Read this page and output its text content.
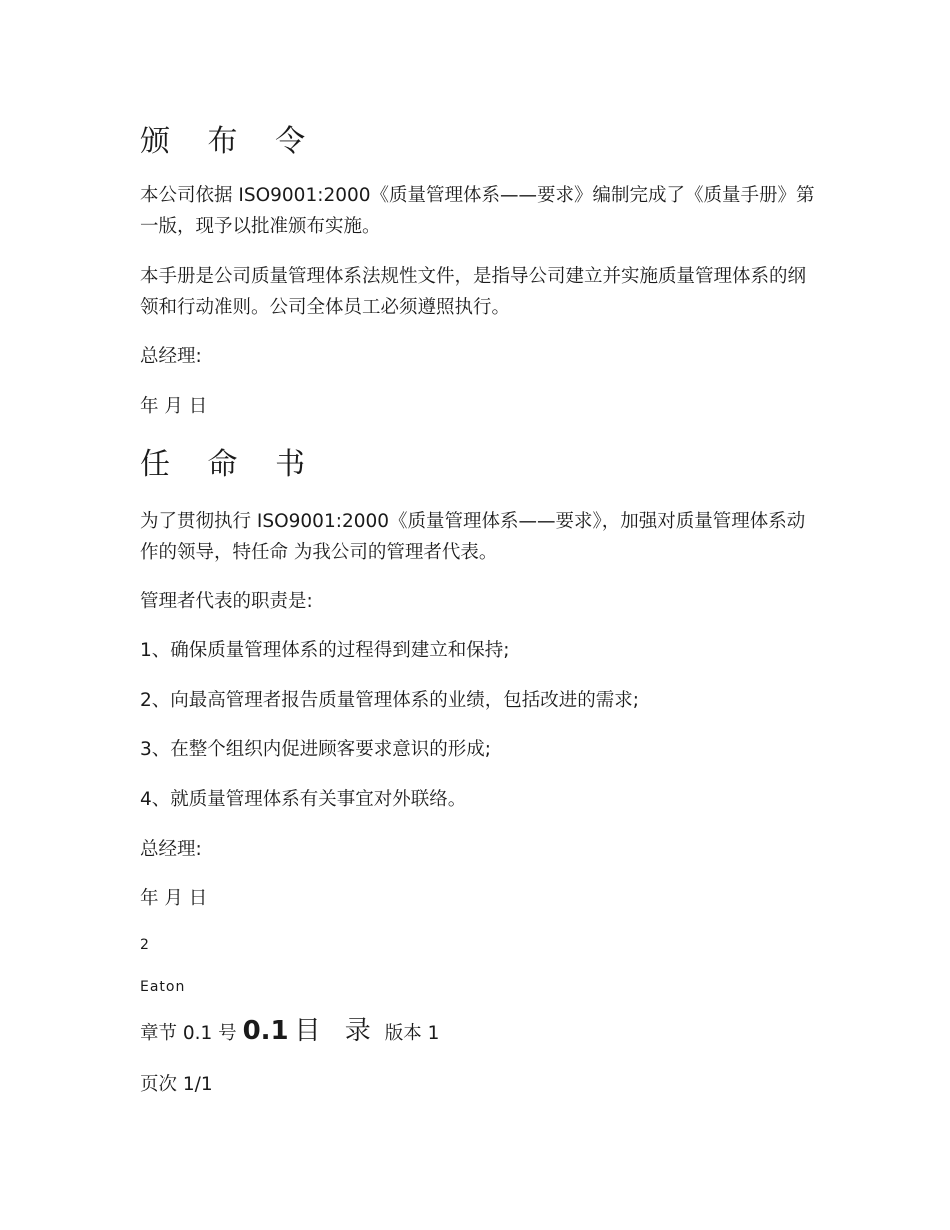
颁 布 令
本公司依据 ISO9001:2000《质量管理体系——要求》编制完成了《质量手册》第一版，现予以批准颁布实施。
本手册是公司质量管理体系法规性文件，是指导公司建立并实施质量管理体系的纲领和行动准则。公司全体员工必须遵照执行。
总经理:
年 月 日
任 命 书
为了贯彻执行 ISO9001:2000《质量管理体系——要求》，加强对质量管理体系动作的领导，特任命 为我公司的管理者代表。
管理者代表的职责是:
1、确保质量管理体系的过程得到建立和保持;
2、向最高管理者报告质量管理体系的业绩，包括改进的需求;
3、在整个组织内促进顾客要求意识的形成;
4、就质量管理体系有关事宜对外联络。
总经理:
年 月 日
2
Eaton
章节 0.1 号 0.1 目 录 版本 1
页次 1/1
